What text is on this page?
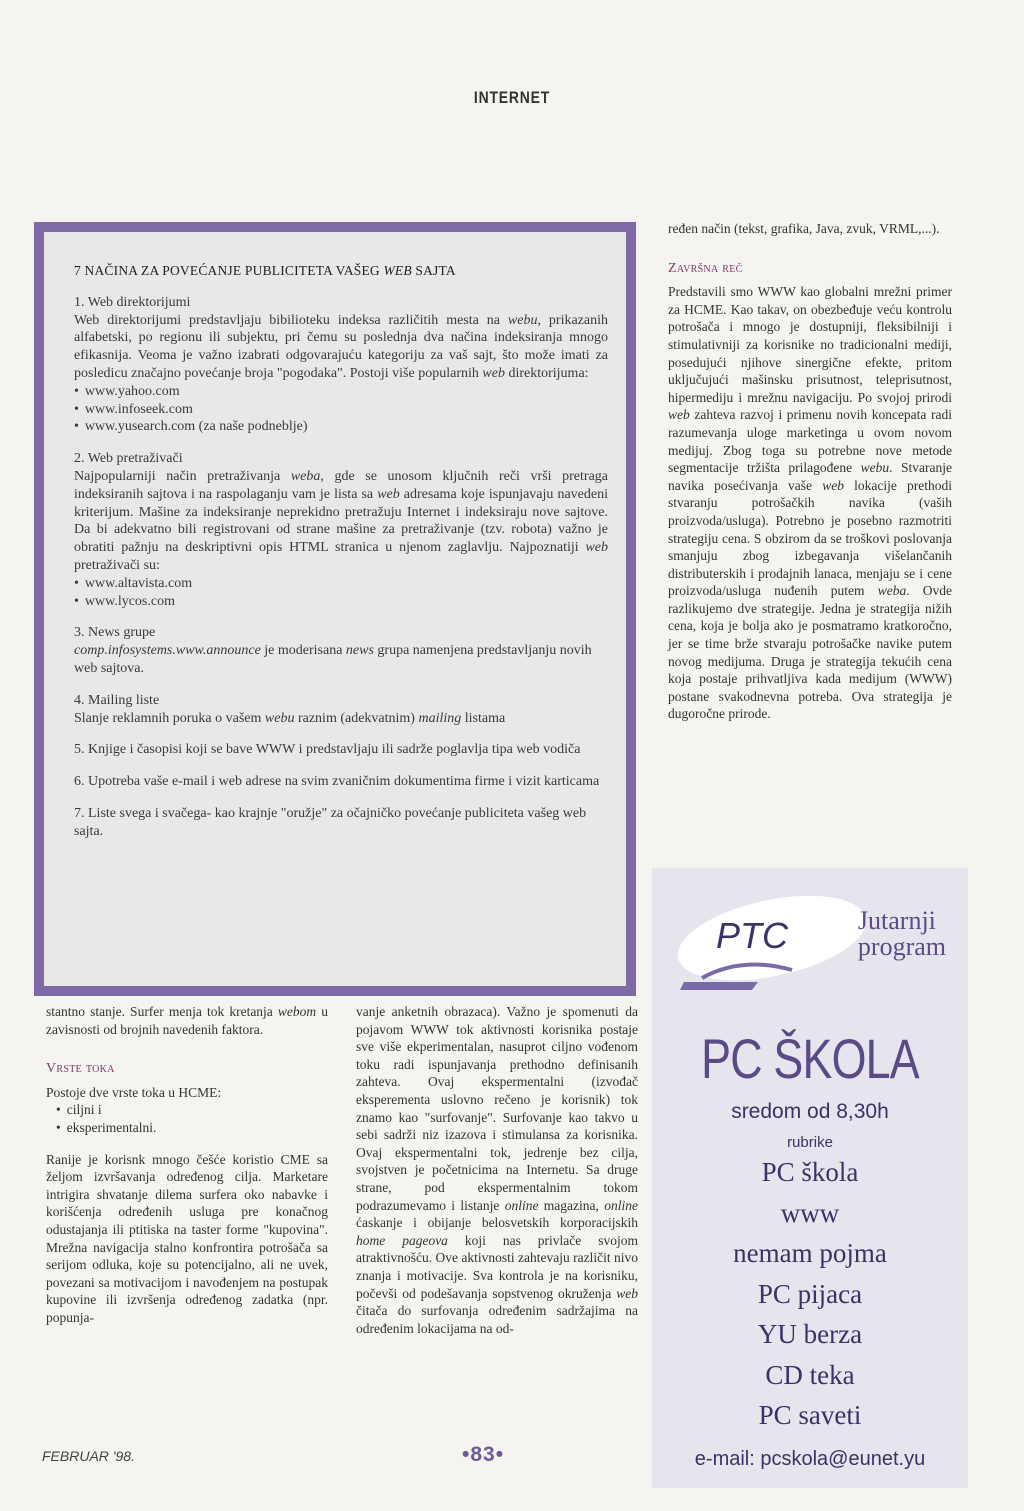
INTERNET
7 NAČINA ZA POVEĆANJE PUBLICITETA VAŠEG WEB SAJTA

1. Web direktorijumi

Web direktorijumi predstavljaju bibilioteku indeksa različitih mesta na webu, prikazanih alfabetski, po regionu ili subjektu, pri čemu su poslednja dva načina indeksiranja mnogo efikasnija. Veoma je važno izabrati odgovarajuću kategoriju za vaš sajt, što može imati za posledicu značajno povećanje broja "pogodaka". Postoji više popularnih web direktorijuma:

• www.yahoo.com
• www.infoseek.com
• www.yusearch.com (za naše podneblje)

2. Web pretraživači

Najpopularniji način pretraživanja weba, gde se unosom ključnih reči vrši pretraga indeksiranih sajtova i na raspolaganju vam je lista sa web adresama koje ispunjavaju navedeni kriterijum. Mašine za indeksiranje neprekidno pretražuju Internet i indeksiraju nove sajtove. Da bi adekvatno bili registrovani od strane mašine za pretraživanje (tzv. robota) važno je obratiti pažnju na deskriptivni opis HTML stranica u njenom zaglavlju. Najpoznatiji web pretraživači su:

• www.altavista.com
• www.lycos.com

3. News grupe

comp.infosystems.www.announce je moderisana news grupa namenjena predstavljanju novih web sajtova.

4. Mailing liste

Slanje reklamnih poruka o vašem webu raznim (adekvatnim) mailing listama

5. Knjige i časopisi koji se bave WWW i predstavljaju ili sadrže poglavlja tipa web vodiča

6. Upotreba vaše e-mail i web adrese na svim zvaničnim dokumentima firme i vizit karticama

7. Liste svega i svačega- kao krajnje "oružje" za očajničko povećanje publiciteta vašeg web sajta.

stantno stanje. Surfer menja tok kretanja webom u zavisnosti od brojnih navedenih faktora.

Vrste toka

Postoje dve vrste toka u HCME:

• ciljni i
• eksperimentalni.

Ranije je korisnk mnogo češće koristio CME sa željom izvršavanja određenog cilja. Marketare intrigira shvatanje dilema surfera oko nabavke i korišćenja određenih usluga pre konačnog odustajanja ili ptitiska na taster forme "kupovina". Mrežna navigacija stalno konfrontira potrošača sa serijom odluka, koje su potencijalno, ali ne uvek, povezani sa motivacijom i navođenjem na postupak kupovine ili izvršenja određenog zadatka (npr. popunja-

vanje anketnih obrazaca). Važno je spomenuti da pojavom WWW tok aktivnosti korisnika postaje sve više ekperimentalan, nasuprot ciljno vođenom toku radi ispunjavanja prethodno definisanih zahteva. Ovaj ekspermentalni (izvođač eksperementa uslovno rečeno je korisnik) tok znamo kao "surfovanje". Surfovanje kao takvo u sebi sadrži niz izazova i stimulansa za korisnika. Ovaj ekspermentalni tok, jedrenje bez cilja, svojstven je početnicima na Internetu. Sa druge strane, pod ekspermentalnim tokom podrazumevamo i listanje online magazina, online ćaskanje i obijanje belosvetskih korporacijskih home pageova koji nas privlače svojom atraktivnošću. Ove aktivnosti zahtevaju različit nivo znanja i motivacije. Sva kontrola je na korisniku, počevši od podešavanja sopstvenog okruženja web čitača do surfovanja određenim sadržajima na određenim lokacijama na od-

ređen način (tekst, grafika, Java, zvuk, VRML,...).

Završna reč

Predstavili smo WWW kao globalni mrežni primer za HCME. Kao takav, on obezbeđuje veću kontrolu potrošača i mnogo je dostupniji, fleksibilniji i stimulativniji za korisnike no tradicionalni mediji, posedujući njihove sinergične efekte, pritom uključujući mašinsku prisutnost, teleprisutnost, hipermediju i mrežnu navigaciju. Po svojoj prirodi web zahteva razvoj i primenu novih koncepata radi razumevanja uloge marketinga u ovom novom medijuj. Zbog toga su potrebne nove metode segmentacije tržišta prilagođene webu. Stvaranje navika posećivanja vaše web lokacije prethodi stvaranju potrošačkih navika (vaših proizvoda/usluga). Potrebno je posebno razmotriti strategiju cena. S obzirom da se troškovi poslovanja smanjuju zbog izbegavanja višelančanih distributerskih i prodajnih lanaca, menjaju se i cene proizvoda/usluga nuđenih putem weba. Ovde razlikujemo dve strategije. Jedna je strategija nižih cena, koja je bolja ako je posmatramo kratkoročno, jer se time brže stvaraju potrošačke navike putem novog medijuma. Druga je strategija tekućih cena koja postaje prihvatljiva kada medijum (WWW) postane svakodnevna potreba. Ova strategija je dugoročne prirode.

PTC	Jutarnji
program
PC ŠKOLA
sredom od 8,30h
rubrike
PC škola
www
nemam pojma
PC pijaca
YU berza
CD teka
PC saveti
e-mail: pcskola@eunet.yu
FEBRUAR '98.	•83•
